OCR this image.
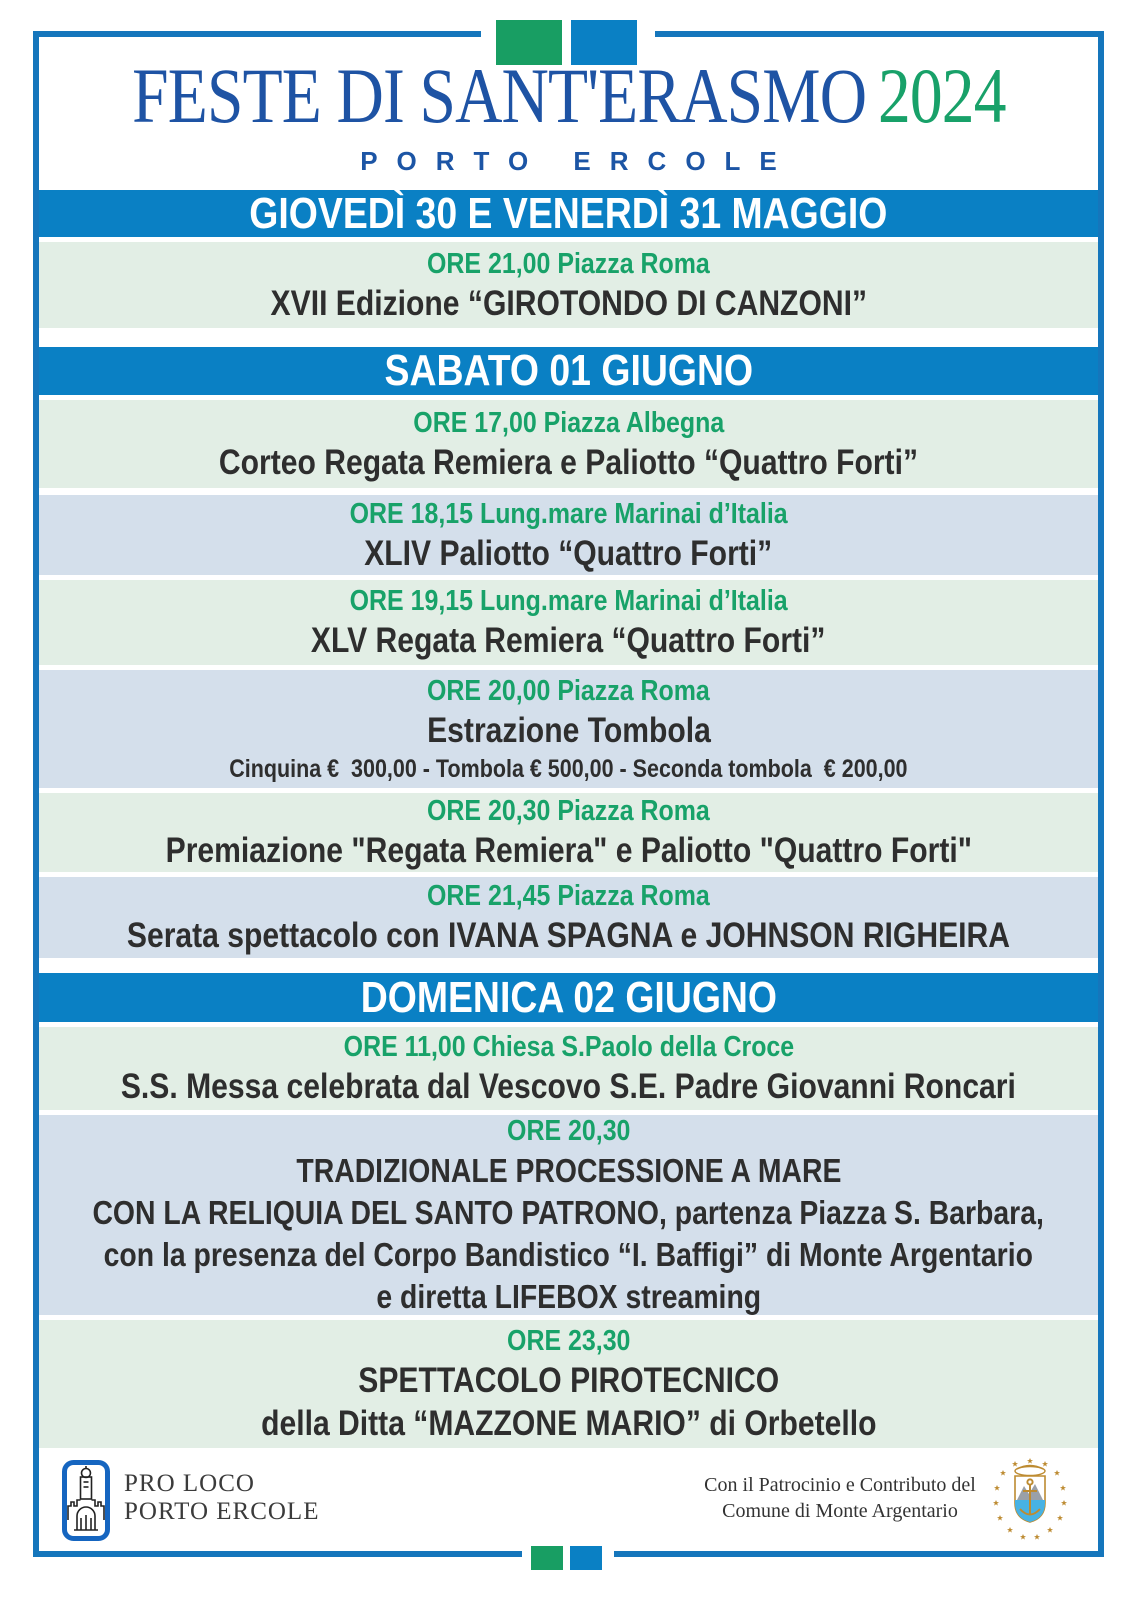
FESTE DI SANT'ERASMO 2024
PORTO ERCOLE
GIOVEDÌ 30 E VENERDÌ 31 MAGGIO
ORE 21,00 Piazza Roma
XVII Edizione “GIROTONDO DI CANZONI”
SABATO 01 GIUGNO
ORE 17,00 Piazza Albegna
Corteo Regata Remiera e Paliotto “Quattro Forti”
ORE 18,15 Lung.mare Marinai d’Italia
XLIV Paliotto “Quattro Forti”
ORE 19,15 Lung.mare Marinai d’Italia
XLV Regata Remiera “Quattro Forti”
ORE 20,00 Piazza Roma
Estrazione Tombola
Cinquina €  300,00 - Tombola € 500,00 - Seconda tombola  € 200,00
ORE 20,30 Piazza Roma
Premiazione "Regata Remiera" e Paliotto "Quattro Forti"
ORE 21,45 Piazza Roma
Serata spettacolo con IVANA SPAGNA e JOHNSON RIGHEIRA
DOMENICA 02 GIUGNO
ORE 11,00 Chiesa S.Paolo della Croce
S.S. Messa celebrata dal Vescovo S.E. Padre Giovanni Roncari
ORE 20,30
TRADIZIONALE PROCESSIONE A MARE
CON LA RELIQUIA DEL SANTO PATRONO, partenza Piazza S. Barbara,
con la presenza del Corpo Bandistico “I. Baffigi” di Monte Argentario
e diretta LIFEBOX streaming
ORE 23,30
SPETTACOLO PIROTECNICO
della Ditta “MAZZONE MARIO” di Orbetello
PRO LOCO
PORTO ERCOLE
Con il Patrocinio e Contributo del
Comune di Monte Argentario
